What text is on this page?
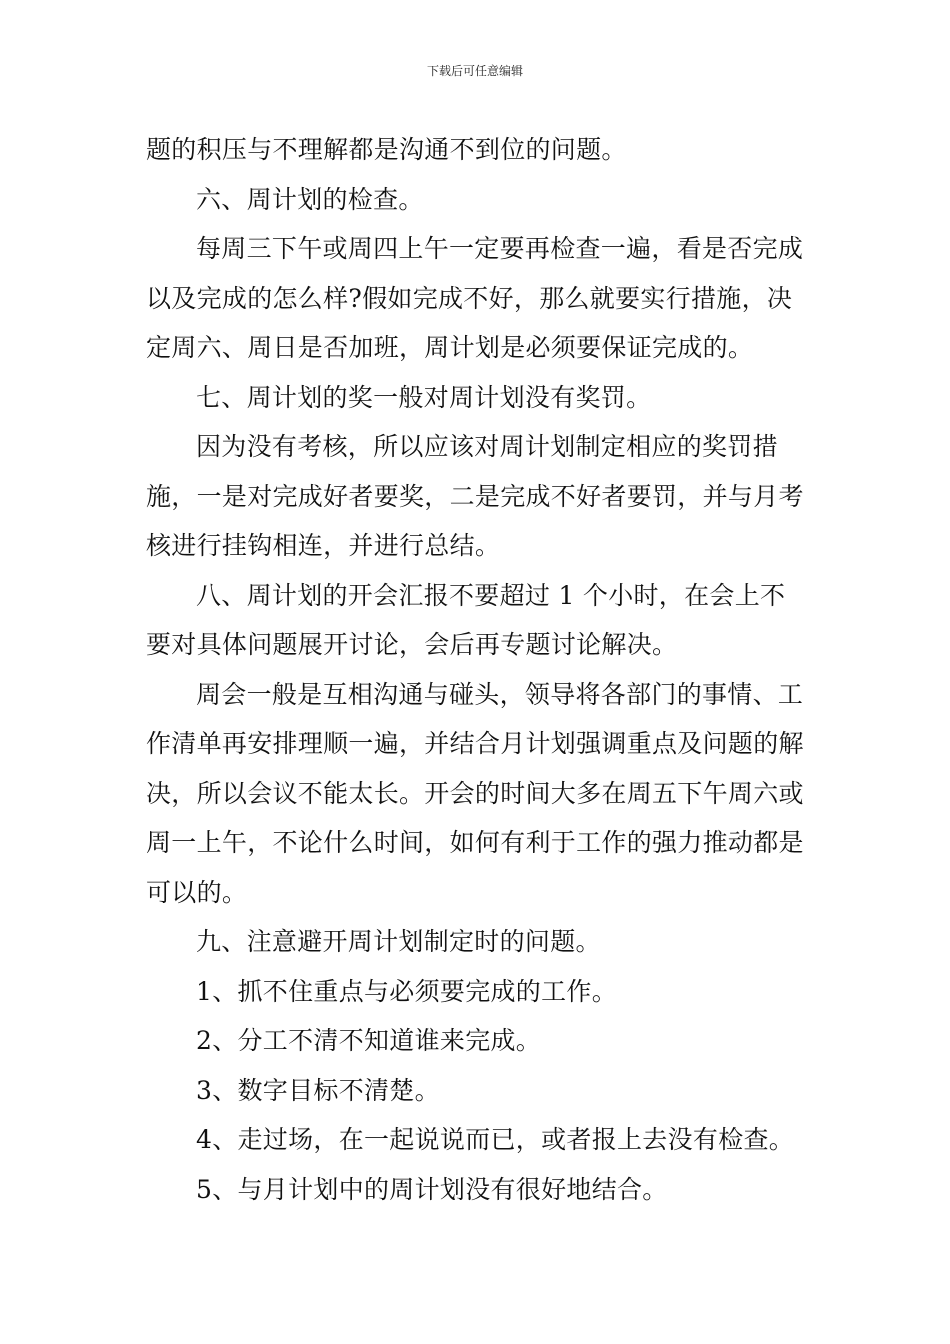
下载后可任意编辑

题的积压与不理解都是沟通不到位的问题。

六、周计划的检查。

每周三下午或周四上午一定要再检查一遍，看是否完成以及完成的怎么样?假如完成不好，那么就要实行措施，决定周六、周日是否加班，周计划是必须要保证完成的。

七、周计划的奖一般对周计划没有奖罚。

因为没有考核，所以应该对周计划制定相应的奖罚措施，一是对完成好者要奖，二是完成不好者要罚，并与月考核进行挂钩相连，并进行总结。

八、周计划的开会汇报不要超过 1 个小时，在会上不要对具体问题展开讨论，会后再专题讨论解决。

周会一般是互相沟通与碰头，领导将各部门的事情、工作清单再安排理顺一遍，并结合月计划强调重点及问题的解决，所以会议不能太长。开会的时间大多在周五下午周六或周一上午，不论什么时间，如何有利于工作的强力推动都是可以的。

九、注意避开周计划制定时的问题。

1、抓不住重点与必须要完成的工作。

2、分工不清不知道谁来完成。

3、数字目标不清楚。

4、走过场，在一起说说而已，或者报上去没有检查。

5、与月计划中的周计划没有很好地结合。
